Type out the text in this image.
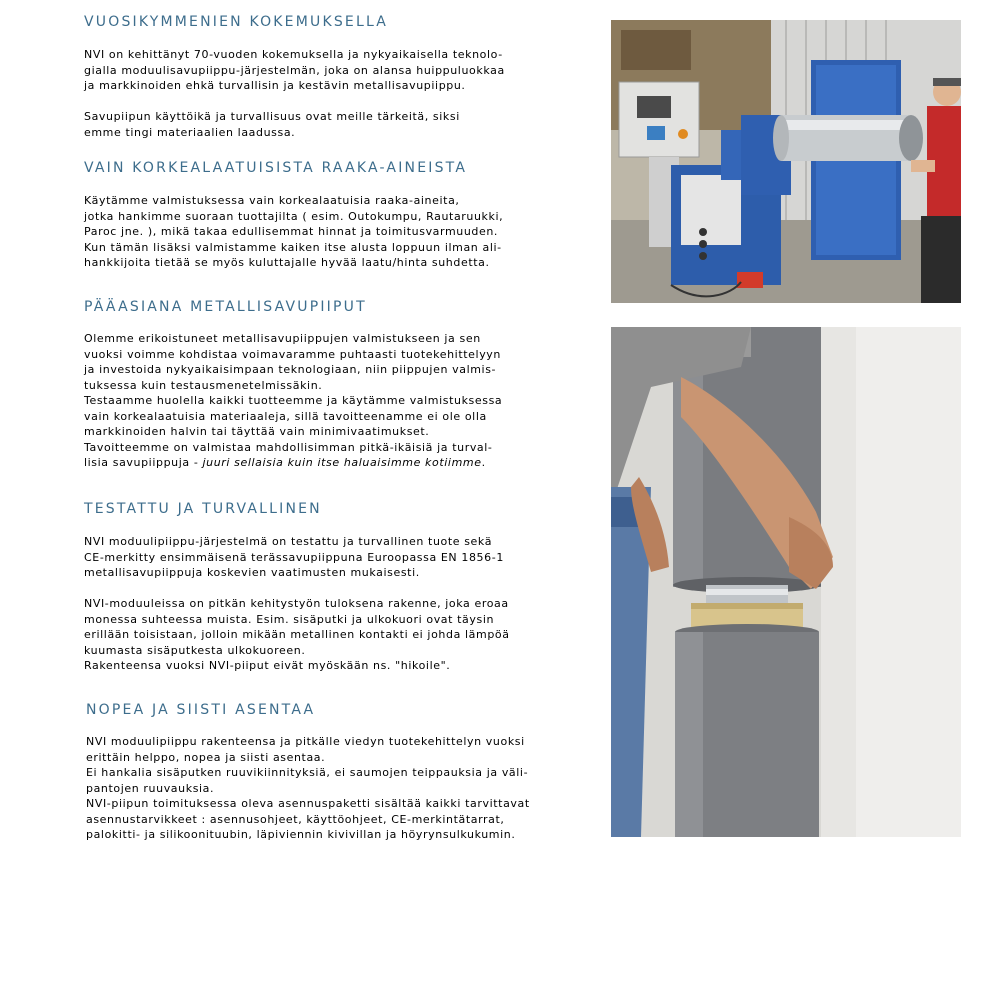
VUOSIKYMMENIEN KOKEMUKSELLA

NVI on kehittänyt 70-vuoden kokemuksella ja nykyaikaisella teknolo-
gialla moduulisavupiippu-järjestelmän, joka on alansa huippuluokkaa
ja markkinoiden ehkä turvallisin ja kestävin metallisavupiippu.

Savupiipun käyttöikä ja turvallisuus ovat meille tärkeitä, siksi
emme tingi materiaalien laadussa.

VAIN KORKEALAATUISISTA RAAKA-AINEISTA

Käytämme valmistuksessa vain korkealaatuisia raaka-aineita,
jotka hankimme suoraan tuottajilta ( esim. Outokumpu, Rautaruukki,
Paroc jne. ), mikä takaa edullisemmat hinnat ja toimitusvarmuuden.
Kun tämän lisäksi valmistamme kaiken itse alusta loppuun ilman ali-
hankkijoita tietää se myös kuluttajalle hyvää laatu/hinta suhdetta.

PÄÄASIANA METALLISAVUPIIPUT

Olemme erikoistuneet metallisavupiippujen valmistukseen ja sen
vuoksi voimme kohdistaa voimavaramme puhtaasti tuotekehittelyyn
ja investoida nykyaikaisimpaan teknologiaan, niin piippujen valmis-
tuksessa kuin testausmenetelmissäkin.
Testaamme huolella kaikki tuotteemme ja käytämme valmistuksessa
vain korkealaatuisia materiaaleja, sillä tavoitteenamme ei ole olla
markkinoiden halvin tai täyttää vain minimivaatimukset.
Tavoitteemme on valmistaa mahdollisimman pitkä-ikäisiä ja turval-

lisia savupiippuja - juuri sellaisia kuin itse haluaisimme kotiimme.

TESTATTU JA TURVALLINEN

NVI moduulipiippu-järjestelmä on testattu ja turvallinen tuote sekä
CE-merkitty ensimmäisenä terässavupiippuna Euroopassa EN 1856-1
metallisavupiippuja koskevien vaatimusten mukaisesti.

NVI-moduuleissa on pitkän kehitystyön tuloksena rakenne, joka eroaa
monessa suhteessa muista. Esim. sisäputki ja ulkokuori ovat täysin
erillään toisistaan, jolloin mikään metallinen kontakti ei johda lämpöä
kuumasta sisäputkesta ulkokuoreen.
Rakenteensa vuoksi NVI-piiput eivät myöskään ns. "hikoile".

NOPEA JA SIISTI ASENTAA

NVI moduulipiippu rakenteensa ja pitkälle viedyn tuotekehittelyn vuoksi
erittäin helppo, nopea ja siisti asentaa.
Ei hankalia sisäputken ruuvikiinnityksiä, ei saumojen teippauksia ja väli-
pantojen ruuvauksia.
NVI-piipun toimituksessa oleva asennuspaketti sisältää kaikki tarvittavat
asennustarvikkeet : asennusohjeet, käyttöohjeet, CE-merkintätarrat,
palokitti- ja silikoonituubin, läpiviennin kivivillan ja höyrynsulkukumin.
